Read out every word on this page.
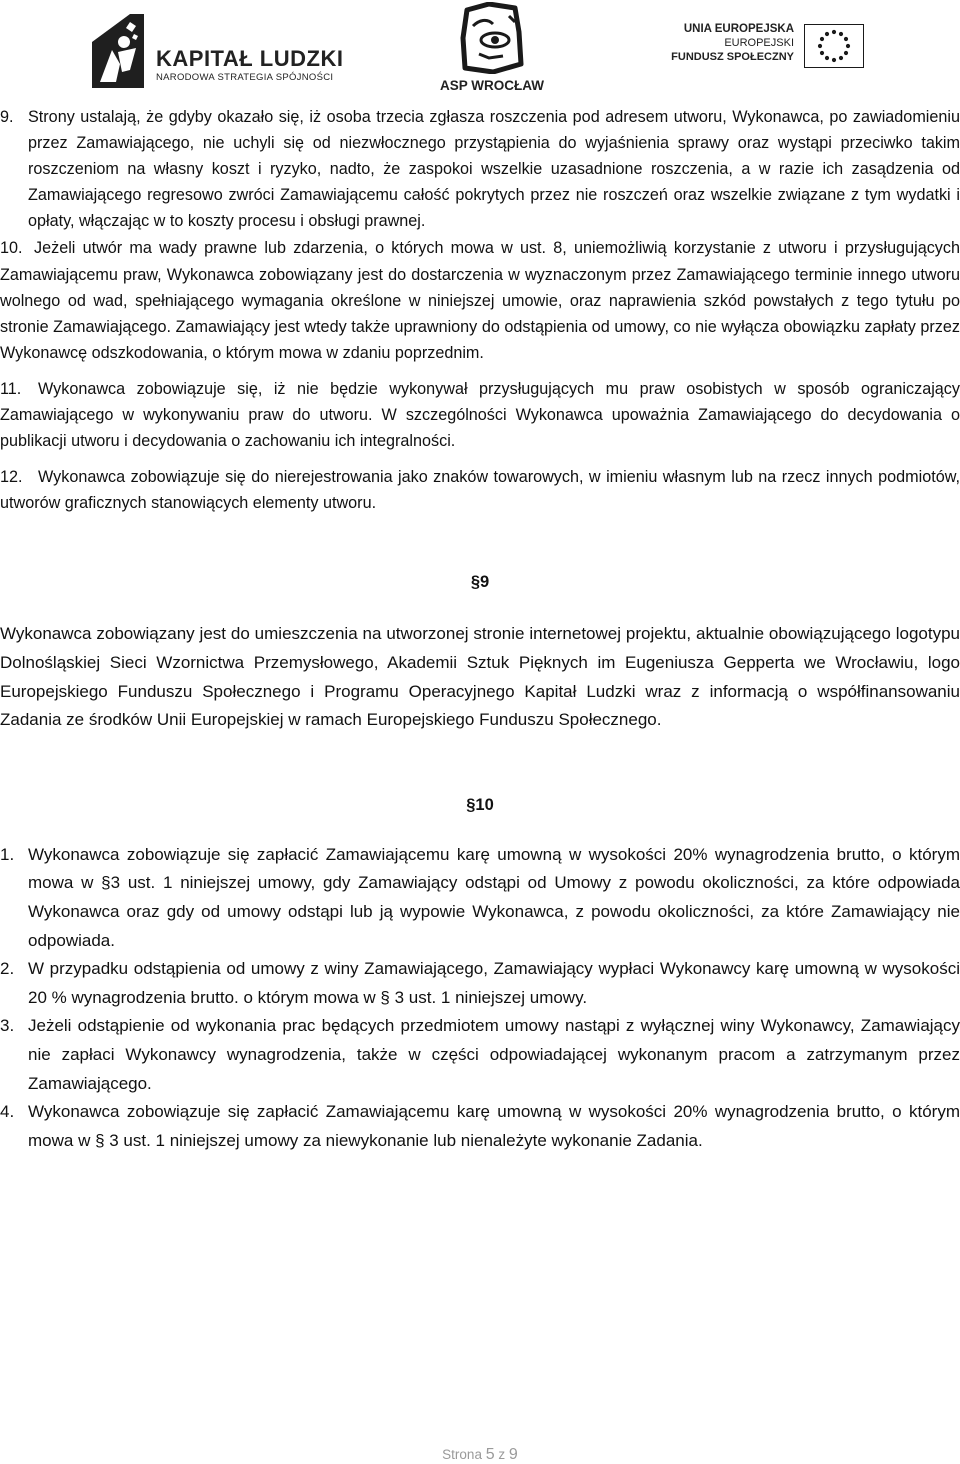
KAPITAŁ LUDZKI
NARODOWA STRATEGIA SPÓJNOŚCI
ASP WROCŁAW
UNIA EUROPEJSKA
EUROPEJSKI
FUNDUSZ SPOŁECZNY
9. Strony ustalają, że gdyby okazało się, iż osoba trzecia zgłasza roszczenia pod adresem utworu, Wykonawca, po zawiadomieniu przez Zamawiającego, nie uchyli się od niezwłocznego przystąpienia do wyjaśnienia sprawy oraz wystąpi przeciwko takim roszczeniom na własny koszt i ryzyko, nadto, że zaspokoi wszelkie uzasadnione roszczenia, a w razie ich zasądzenia od Zamawiającego regresowo zwróci Zamawiającemu całość pokrytych przez nie roszczeń oraz wszelkie związane z tym wydatki i opłaty, włączając w to koszty procesu i obsługi prawnej.
10. Jeżeli utwór ma wady prawne lub zdarzenia, o których mowa w ust. 8, uniemożliwią korzystanie z utworu i przysługujących Zamawiającemu praw, Wykonawca zobowiązany jest do dostarczenia w wyznaczonym przez Zamawiającego terminie innego utworu wolnego od wad, spełniającego wymagania określone w niniejszej umowie, oraz naprawienia szkód powstałych z tego tytułu po stronie Zamawiającego. Zamawiający jest wtedy także uprawniony do odstąpienia od umowy, co nie wyłącza obowiązku zapłaty przez Wykonawcę odszkodowania, o którym mowa w zdaniu poprzednim.
11. Wykonawca zobowiązuje się, iż nie będzie wykonywał przysługujących mu praw osobistych w sposób ograniczający Zamawiającego w wykonywaniu praw do utworu. W szczególności Wykonawca upoważnia Zamawiającego do decydowania o publikacji utworu i decydowania o zachowaniu ich integralności.
12. Wykonawca zobowiązuje się do nierejestrowania jako znaków towarowych, w imieniu własnym lub na rzecz innych podmiotów, utworów graficznych stanowiących elementy utworu.
§9
Wykonawca zobowiązany jest do umieszczenia na utworzonej stronie internetowej projektu, aktualnie obowiązującego logotypu Dolnośląskiej Sieci Wzornictwa Przemysłowego, Akademii Sztuk Pięknych im Eugeniusza Gepperta we Wrocławiu, logo Europejskiego Funduszu Społecznego i Programu Operacyjnego Kapitał Ludzki wraz z informacją o współfinansowaniu Zadania ze środków Unii Europejskiej w ramach Europejskiego Funduszu Społecznego.
§10
1. Wykonawca zobowiązuje się zapłacić Zamawiającemu karę umowną w wysokości 20% wynagrodzenia brutto, o którym mowa w §3 ust. 1 niniejszej umowy, gdy Zamawiający odstąpi od Umowy z powodu okoliczności, za które odpowiada Wykonawca oraz gdy od umowy odstąpi lub ją wypowie Wykonawca, z powodu okoliczności, za które Zamawiający nie odpowiada.
2. W przypadku odstąpienia od umowy z winy Zamawiającego, Zamawiający wypłaci Wykonawcy karę umowną w wysokości 20 % wynagrodzenia brutto. o którym mowa w § 3 ust. 1 niniejszej umowy.
3. Jeżeli odstąpienie od wykonania prac będących przedmiotem umowy nastąpi z wyłącznej winy Wykonawcy, Zamawiający nie zapłaci Wykonawcy wynagrodzenia, także w części odpowiadającej wykonanym pracom a zatrzymanym przez Zamawiającego.
4. Wykonawca zobowiązuje się zapłacić Zamawiającemu karę umowną w wysokości 20% wynagrodzenia brutto, o którym mowa w § 3 ust. 1 niniejszej umowy za niewykonanie lub nienależyte wykonanie Zadania.
Strona 5 z 9
